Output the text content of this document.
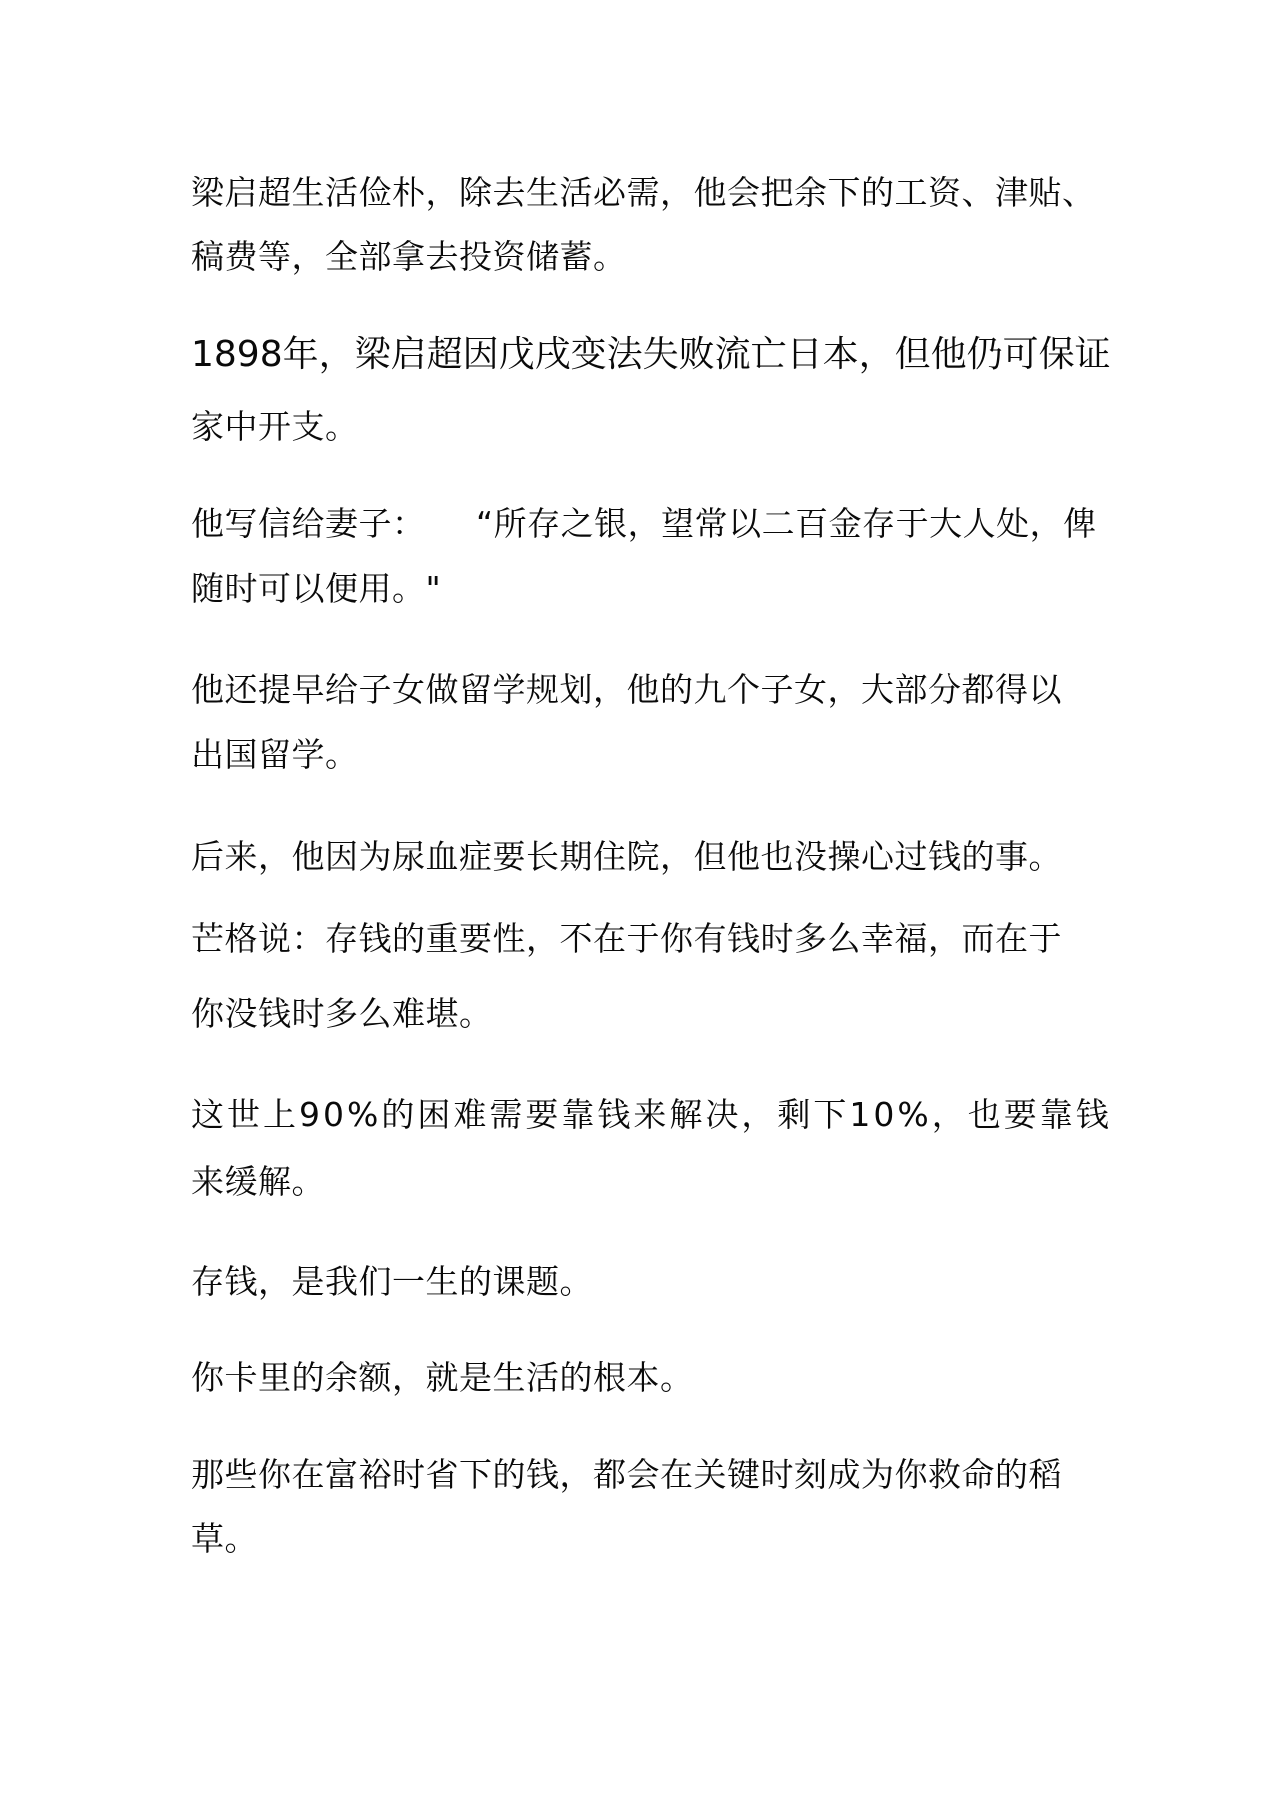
梁启超生活俭朴，除去生活必需，他会把余下的工资、津贴、

稿费等，全部拿去投资储蓄。

1898年，梁启超因戊戌变法失败流亡日本，但他仍可保证

家中开支。

他写信给妻子：　　“所存之银，望常以二百金存于大人处，俾

随时可以便用。"

他还提早给子女做留学规划，他的九个子女，大部分都得以

出国留学。

后来，他因为尿血症要长期住院，但他也没操心过钱的事。

芒格说：存钱的重要性，不在于你有钱时多么幸福，而在于

你没钱时多么难堪。

这世上90%的困难需要靠钱来解决，剩下10%，也要靠钱

来缓解。

存钱，是我们一生的课题。

你卡里的余额，就是生活的根本。

那些你在富裕时省下的钱，都会在关键时刻成为你救命的稻

草。
